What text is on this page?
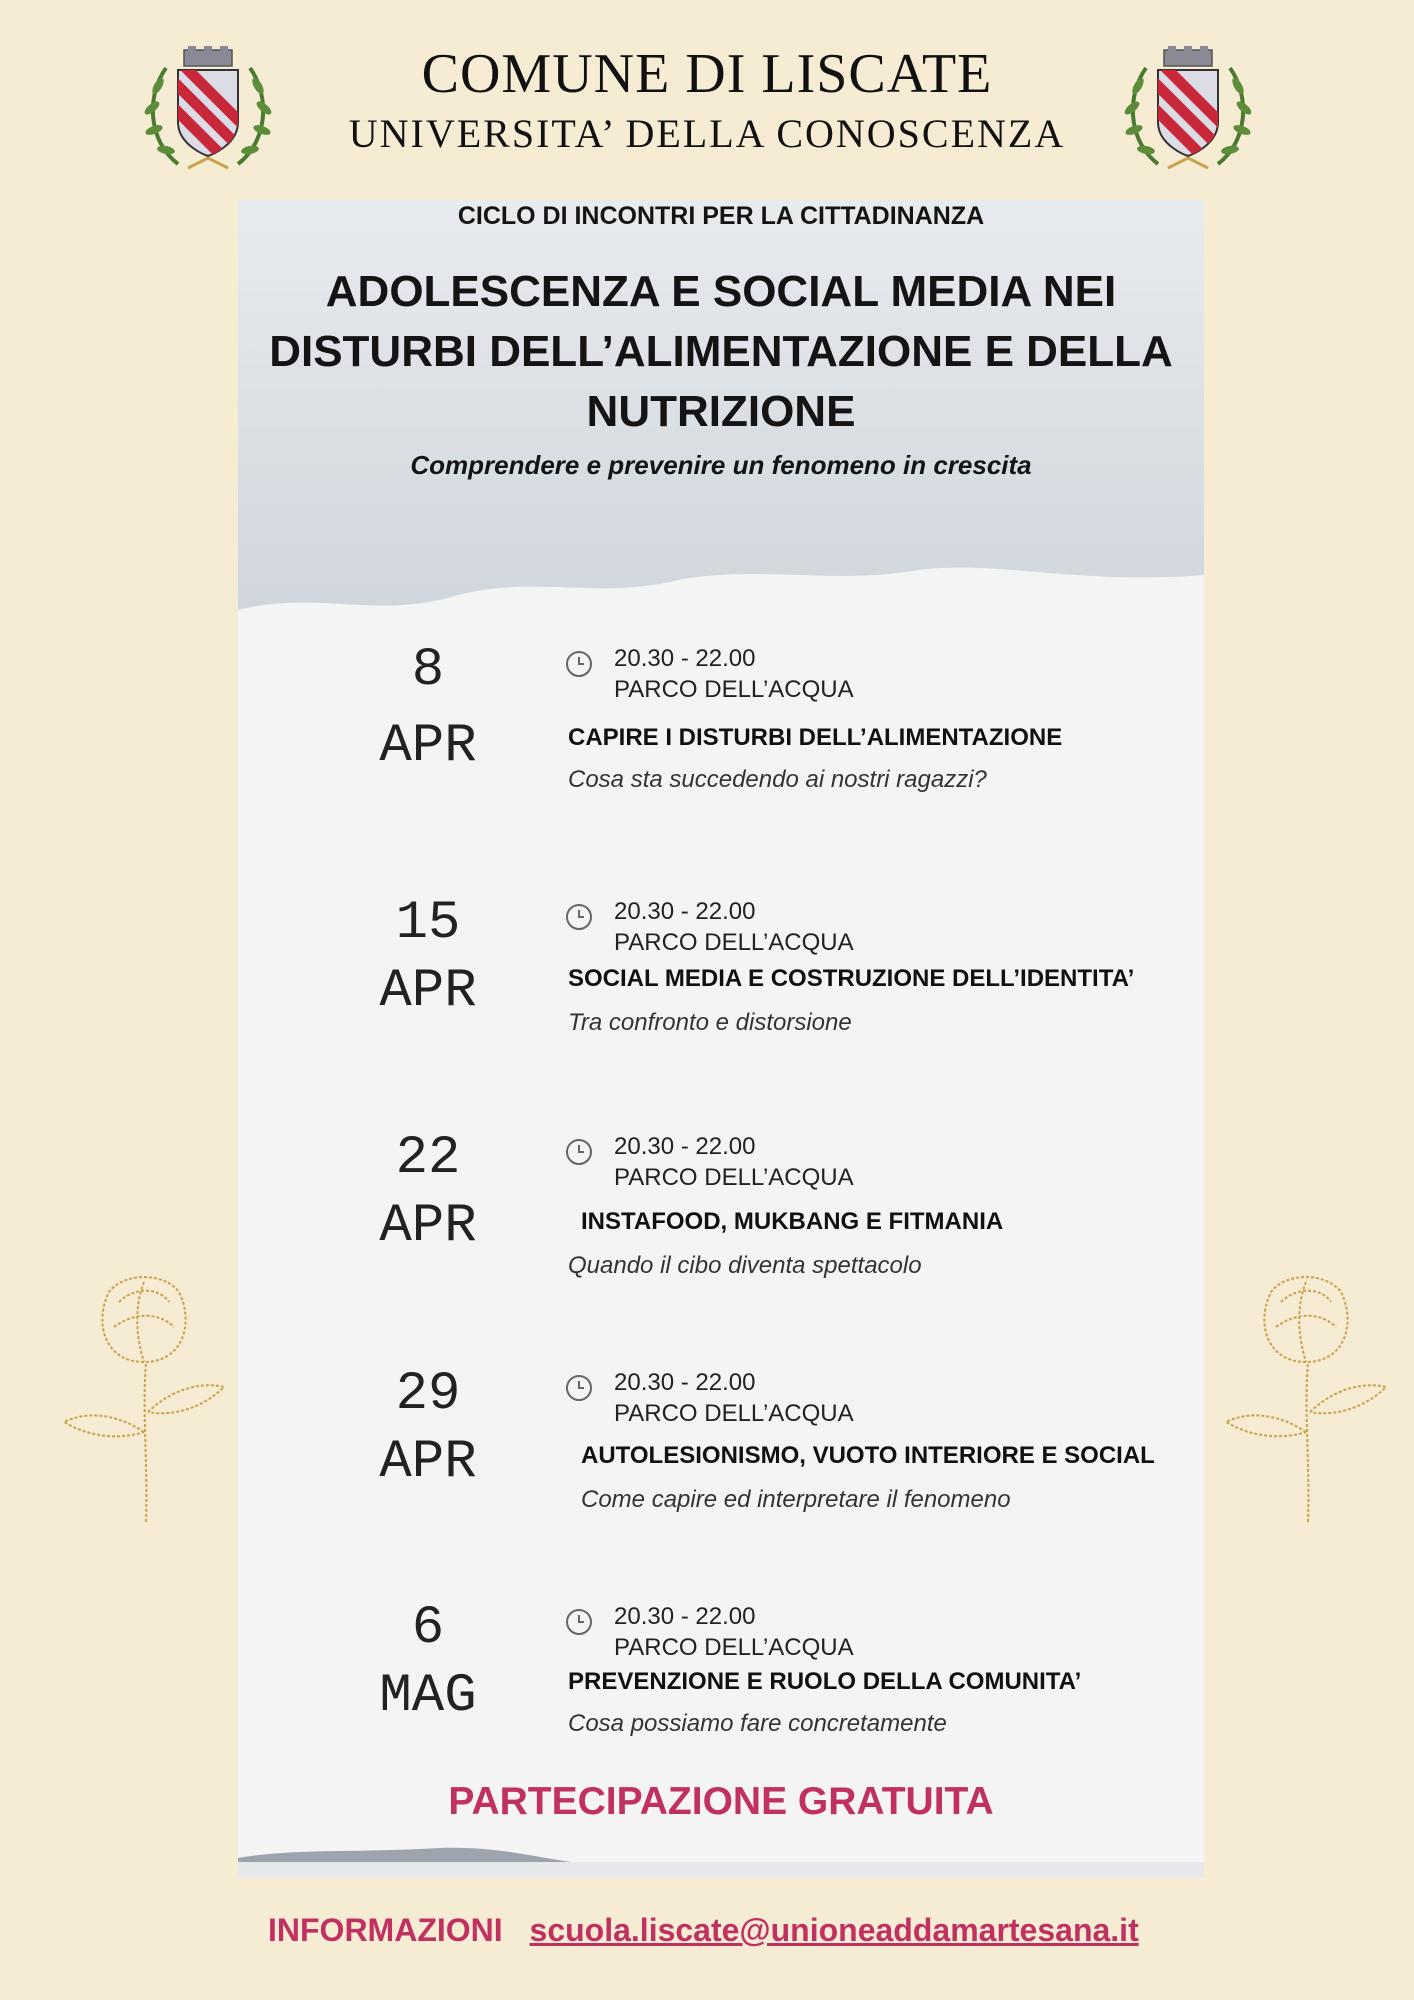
COMUNE DI LISCATE
UNIVERSITA’ DELLA CONOSCENZA
CICLO DI INCONTRI PER LA CITTADINANZA
ADOLESCENZA E SOCIAL MEDIA NEI
DISTURBI DELL’ALIMENTAZIONE E DELLA
NUTRIZIONE
Comprendere e prevenire un fenomeno in crescita
8
APR
20.30 - 22.00
PARCO DELL’ACQUA
CAPIRE I DISTURBI DELL’ALIMENTAZIONE
Cosa sta succedendo ai nostri ragazzi?
15
APR
20.30 - 22.00
PARCO DELL’ACQUA
SOCIAL MEDIA E COSTRUZIONE DELL’IDENTITA’
Tra confronto e distorsione
22
APR
20.30 - 22.00
PARCO DELL’ACQUA
INSTAFOOD, MUKBANG E FITMANIA
Quando il cibo diventa spettacolo
29
APR
20.30 - 22.00
PARCO DELL’ACQUA
AUTOLESIONISMO, VUOTO INTERIORE E SOCIAL
Come capire ed interpretare il fenomeno
6
MAG
20.30 - 22.00
PARCO DELL’ACQUA
PREVENZIONE E RUOLO DELLA COMUNITA’
Cosa possiamo fare concretamente
PARTECIPAZIONE GRATUITA
INFORMAZIONI scuola.liscate@unioneaddamartesana.it
